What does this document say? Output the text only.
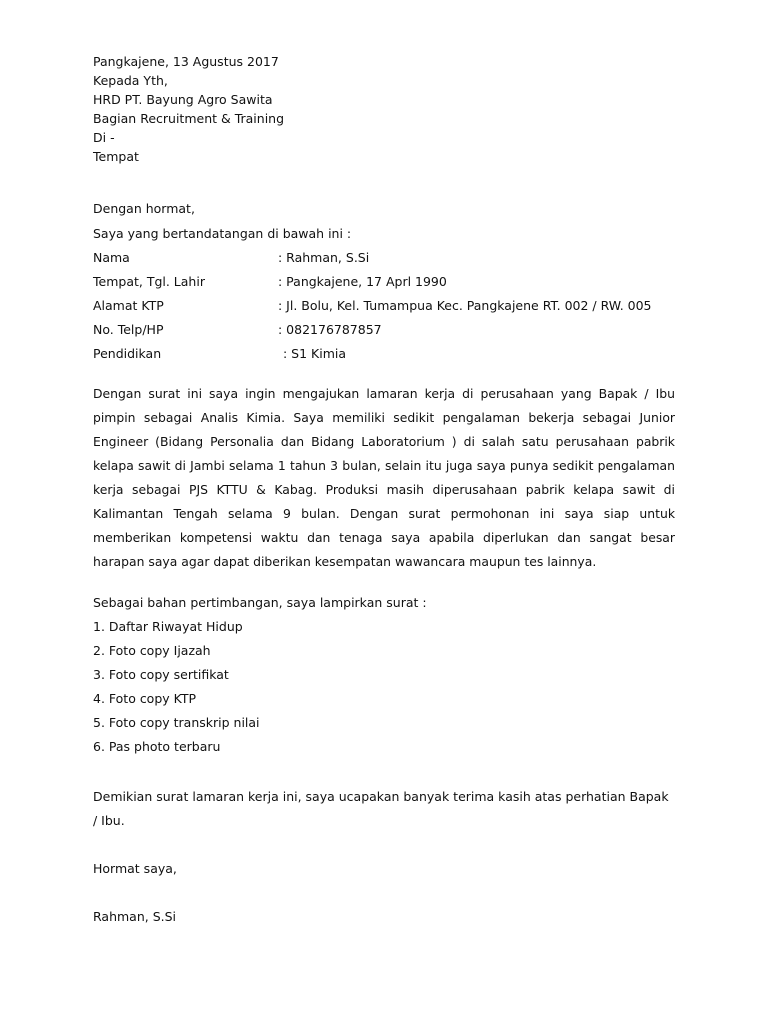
Pangkajene, 13 Agustus 2017
Kepada Yth,
HRD PT. Bayung Agro Sawita
Bagian Recruitment & Training
Di -
Tempat
Dengan hormat,
Saya yang bertandatangan di bawah ini :
Nama	: Rahman, S.Si
Tempat, Tgl. Lahir	: Pangkajene, 17 Aprl 1990
Alamat KTP	: Jl. Bolu, Kel. Tumampua Kec. Pangkajene RT. 002 / RW. 005
No. Telp/HP	: 082176787857
Pendidikan	: S1 Kimia
Dengan surat ini saya ingin mengajukan lamaran kerja di perusahaan yang Bapak / Ibu pimpin sebagai Analis Kimia. Saya memiliki sedikit pengalaman bekerja sebagai Junior Engineer (Bidang Personalia dan Bidang Laboratorium ) di salah satu perusahaan pabrik kelapa sawit di Jambi selama 1 tahun 3 bulan, selain itu juga saya punya sedikit pengalaman kerja sebagai PJS KTTU & Kabag. Produksi masih diperusahaan pabrik kelapa sawit di Kalimantan Tengah selama 9 bulan. Dengan surat permohonan ini saya siap untuk memberikan kompetensi waktu dan tenaga saya apabila diperlukan dan sangat besar harapan saya agar dapat diberikan kesempatan wawancara maupun tes lainnya.
Sebagai bahan pertimbangan, saya lampirkan surat :
1. Daftar Riwayat Hidup
2. Foto copy Ijazah
3. Foto copy sertifikat
4. Foto copy KTP
5. Foto copy transkrip nilai
6. Pas photo terbaru
Demikian surat lamaran kerja ini, saya ucapakan banyak terima kasih atas perhatian Bapak / Ibu.
Hormat saya,
Rahman, S.Si
